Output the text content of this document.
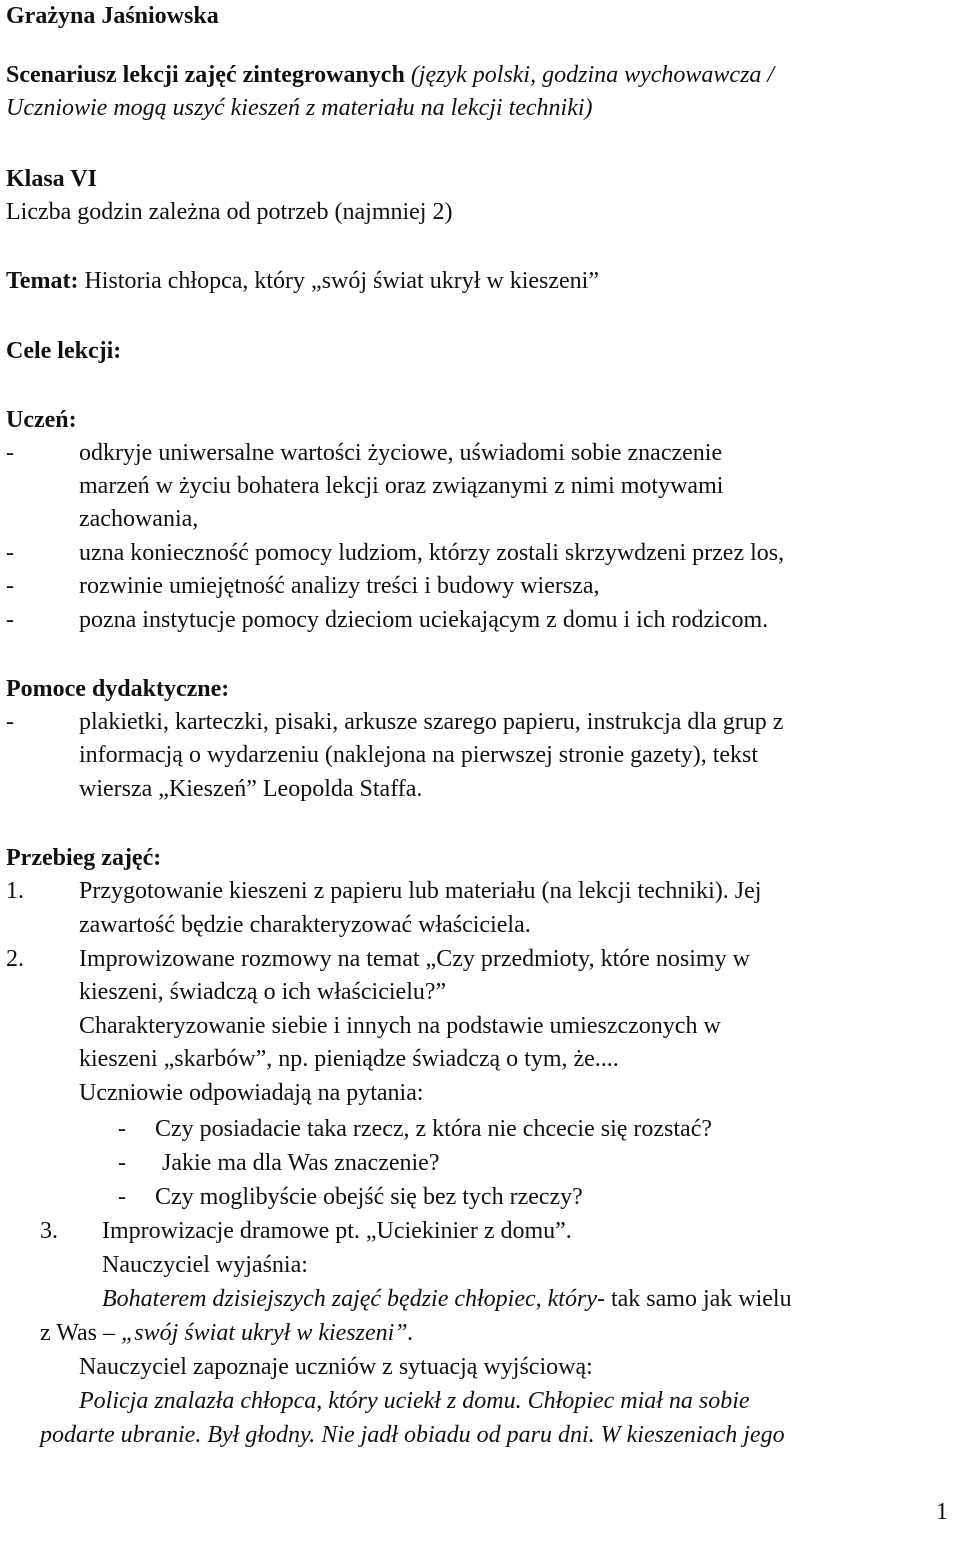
Grażyna Jaśniowska
Scenariusz lekcji zajęć zintegrowanych (język polski, godzina wychowawcza /
Uczniowie mogą uszyć kieszeń z materiału na lekcji techniki)
Klasa VI
Liczba godzin zależna od potrzeb (najmniej 2)
Temat: Historia chłopca, który „swój świat ukrył w kieszeni”
Cele lekcji:
Uczeń:
-	odkryje uniwersalne wartości życiowe, uświadomi sobie znaczenie
marzeń w życiu bohatera lekcji oraz związanymi z nimi motywami
zachowania,
-	uzna konieczność pomocy ludziom, którzy zostali skrzywdzeni przez los,
-	rozwinie umiejętność analizy treści i budowy wiersza,
-	pozna instytucje pomocy dzieciom uciekającym z domu i ich rodzicom.
Pomoce dydaktyczne:
-	plakietki, karteczki, pisaki, arkusze szarego papieru, instrukcja dla grup z
informacją o wydarzeniu (naklejona na pierwszej stronie gazety), tekst
wiersza „Kieszeń” Leopolda Staffa.
Przebieg zajęć:
1. Przygotowanie kieszeni z papieru lub materiału (na lekcji techniki). Jej
zawartość będzie charakteryzować właściciela.
2. Improwizowane rozmowy na temat „Czy przedmioty, które nosimy w
kieszeni, świadczą o ich właścicielu?”
Charakteryzowanie siebie i innych na podstawie umieszczonych w
kieszeni „skarbów”, np. pieniądze świadczą o tym, że....
Uczniowie odpowiadają na pytania:
- Czy posiadacie taka rzecz, z która nie chcecie się rozstać?
- Jakie ma dla Was znaczenie?
- Czy moglibyście obejść się bez tych rzeczy?
3. Improwizacje dramowe pt. „Uciekinier z domu”.
Nauczyciel wyjaśnia:
Bohaterem dzisiejszych zajęć będzie chłopiec, który- tak samo jak wielu
z Was – „swój świat ukrył w kieszeni”.
Nauczyciel zapoznaje uczniów z sytuacją wyjściową:
Policja znalazła chłopca, który uciekł z domu. Chłopiec miał na sobie
podarte ubranie. Był głodny. Nie jadł obiadu od paru dni. W kieszeniach jego
1
